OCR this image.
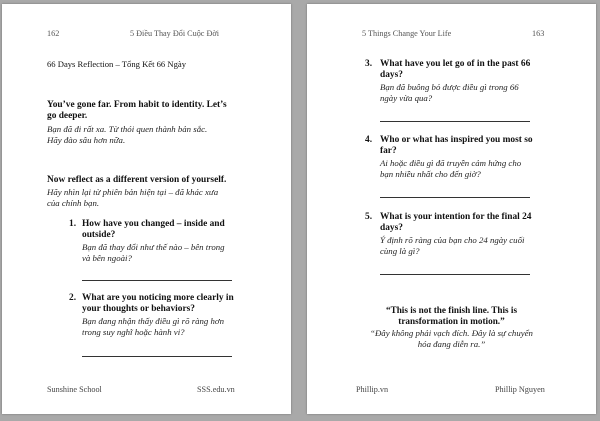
162	5 Điều Thay Đổi Cuộc Đời
66 Days Reflection – Tổng Kết 66 Ngày
You’ve gone far. From habit to identity. Let’s
go deeper.
Bạn đã đi rất xa. Từ thói quen thành bản sắc.
Hãy đào sâu hơn nữa.
Now reflect as a different version of yourself.
Hãy nhìn lại từ phiên bản hiện tại – đã khác xưa
của chính bạn.
1. How have you changed – inside and
outside?
Bạn đã thay đổi như thế nào – bên trong
và bên ngoài?
2. What are you noticing more clearly in
your thoughts or behaviors?
Bạn đang nhận thấy điều gì rõ ràng hơn
trong suy nghĩ hoặc hành vi?
Sunshine School	SSS.edu.vn
5 Things Change Your Life	163
3. What have you let go of in the past 66
days?
Bạn đã buông bỏ được điều gì trong 66
ngày vừa qua?
4. Who or what has inspired you most so
far?
Ai hoặc điều gì đã truyền cảm hứng cho
bạn nhiều nhất cho đến giờ?
5. What is your intention for the final 24
days?
Ý định rõ ràng của bạn cho 24 ngày cuối
cùng là gì?
“This is not the finish line. This is
transformation in motion.”
“Đây không phải vạch đích. Đây là sự chuyển
hóa đang diễn ra.”
Phillip.vn	Phillip Nguyen
